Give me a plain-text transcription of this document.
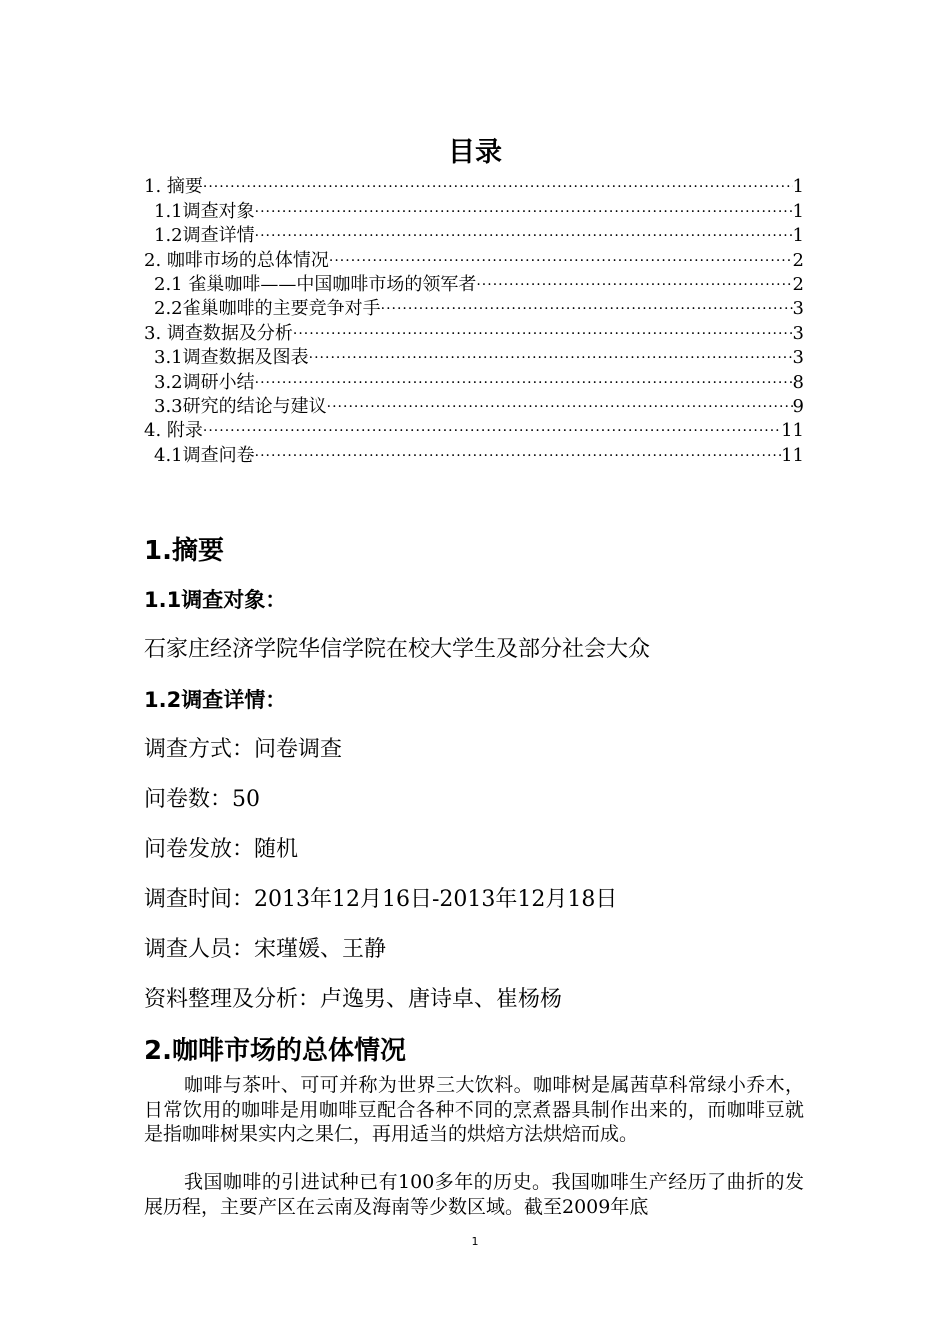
目录
1. 摘要 ·····	1
1.1调查对象 ·····	1
1.2调查详情 ·····	1
2. 咖啡市场的总体情况 ·····	2
2.1 雀巢咖啡——中国咖啡市场的领军者 ·····	2
2.2雀巢咖啡的主要竞争对手 ·····	3
3. 调查数据及分析 ·····	3
3.1调查数据及图表 ·····	3
3.2调研小结 ·····	8
3.3研究的结论与建议 ·····	9
4. 附录 ·····	11
4.1调查问卷 ·····	11
1.摘要
1.1调查对象：
石家庄经济学院华信学院在校大学生及部分社会大众
1.2调查详情：
调查方式：问卷调查
问卷数：50
问卷发放：随机
调查时间：2013年12月16日-2013年12月18日
调查人员：宋瑾媛、王静
资料整理及分析：卢逸男、唐诗卓、崔杨杨
2.咖啡市场的总体情况
咖啡与茶叶、可可并称为世界三大饮料。咖啡树是属茜草科常绿小乔木，日常饮用的咖啡是用咖啡豆配合各种不同的烹煮器具制作出来的，而咖啡豆就是指咖啡树果实内之果仁，再用适当的烘焙方法烘焙而成。
我国咖啡的引进试种已有100多年的历史。我国咖啡生产经历了曲折的发展历程，主要产区在云南及海南等少数区域。截至2009年底
1
